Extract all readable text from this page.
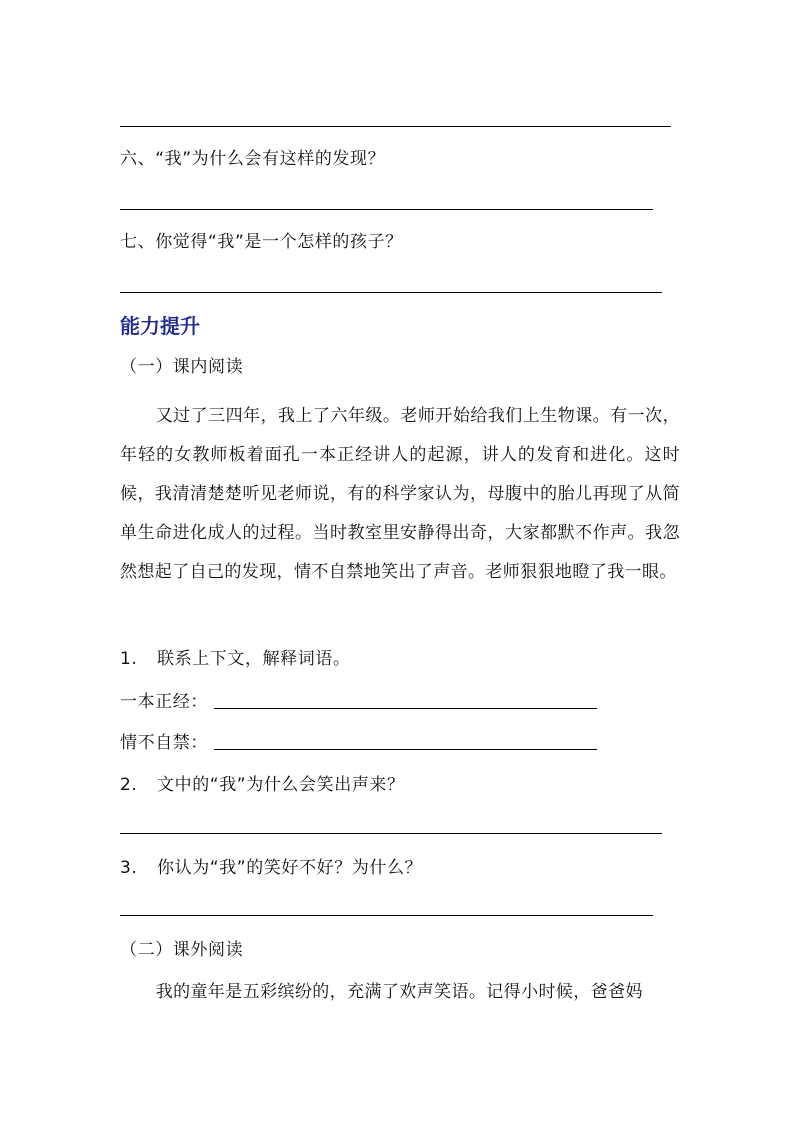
六、“我”为什么会有这样的发现？
七、你觉得“我”是一个怎样的孩子？
能力提升
（一）课内阅读

又过了三四年，我上了六年级。老师开始给我们上生物课。有一次，年轻的女教师板着面孔一本正经讲人的起源，讲人的发育和进化。这时候，我清清楚楚听见老师说，有的科学家认为，母腹中的胎儿再现了从简单生命进化成人的过程。当时教室里安静得出奇，大家都默不作声。我忽然想起了自己的发现，情不自禁地笑出了声音。老师狠狠地瞪了我一眼。

1. 联系上下文，解释词语。
一本正经：
情不自禁：
2. 文中的“我”为什么会笑出声来？
3. 你认为“我”的笑好不好？为什么？
（二）课外阅读

我的童年是五彩缤纷的，充满了欢声笑语。记得小时候，爸爸妈
